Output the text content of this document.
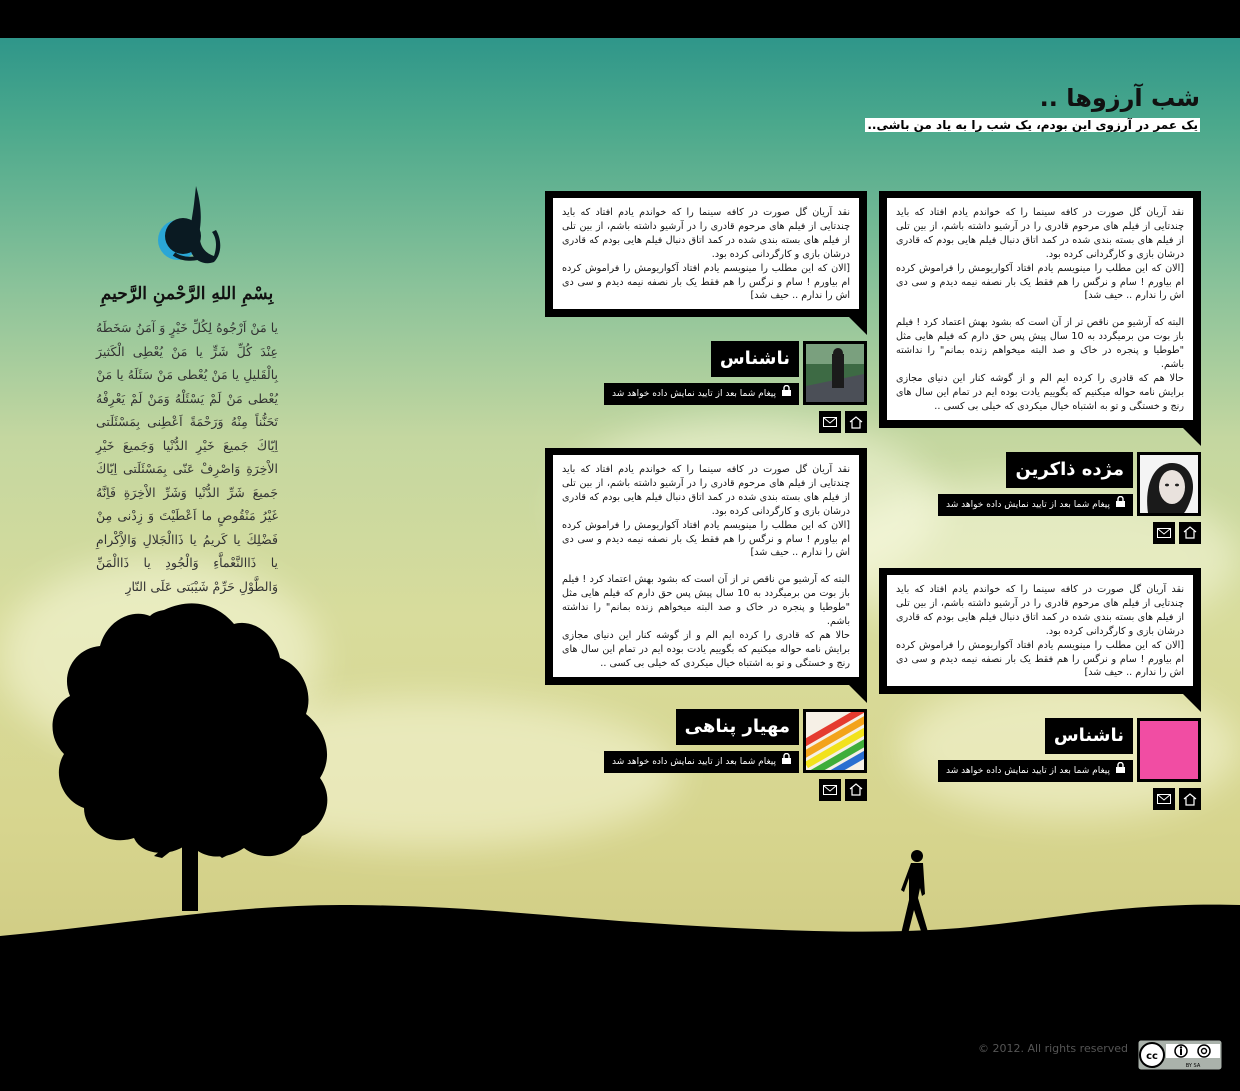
شب آرزوها ..
یک عمر در آرزوی این بودم، یک شب را به یاد من باشی..
بِسْمِ اللهِ الرَّحْمنِ الرَّحیمِ
یا مَنْ اَرْجُوهُ لِكُلِّ خَیْرٍ وَ آمَنُ سَخَطَهُ عِنْدَ كُلِّ شَرٍّ یا مَنْ یُعْطِی الْكَثیرَ بِالْقَلیلِ یا مَنْ یُعْطی مَنْ سَئَلَهُ یا مَنْ یُعْطی مَنْ لَمْ یَسْئَلْهُ وَمَنْ لَمْ یَعْرِفْهُ تَحَنُّناً مِنْهُ وَرَحْمَةً اَعْطِنی بِمَسْئَلَتی اِیّاكَ جَمیعَ خَیْرِ الدُّنْیا وَجَمیعَ خَیْرِ الاْخِرَةِ وَاصْرِفْ عَنّی بِمَسْئَلَتی اِیّاكَ جَمیعَ شَرِّ الدُّنْیا وَشَرِّ الاْخِرَةِ فَاِنَّهُ غَیْرُ مَنْقُوصٍ ما اَعْطَیْتَ وَ زِدْنی مِنْ فَضْلِكَ یا كَریمُ یا ذَاالْجَلالِ وَالاِْكْرامِ یا ذَاالنَّعْماَّءِ وَالْجُودِ یا ذَاالْمَنِّ وَالطَّوْلِ حَرِّمْ شَیْبَتی عَلَی النّارِ

نقد آریان گل صورت در کافه سینما را که خواندم یادم افتاد که باید چندتایی از فیلم های مرحوم قادری را در آرشیو داشته باشم، از بین تلی از فیلم های بسته بندی شده در کمد اتاق دنبال فیلم هایی بودم که قادری درشان بازی و کارگردانی کرده بود.

[الان که این مطلب را مینویسم یادم افتاد آکواریومش را فراموش کرده ام بیاورم ! سام و نرگس را هم فقط یک بار نصفه نیمه دیدم و سی دی اش را ندارم .. حیف شد]

ناشناس
پیغام شما بعد از تایید نمایش داده خواهد شد

نقد آریان گل صورت در کافه سینما را که خواندم یادم افتاد که باید چندتایی از فیلم های مرحوم قادری را در آرشیو داشته باشم، از بین تلی از فیلم های بسته بندی شده در کمد اتاق دنبال فیلم هایی بودم که قادری درشان بازی و کارگردانی کرده بود.

[الان که این مطلب را مینویسم یادم افتاد آکواریومش را فراموش کرده ام بیاورم ! سام و نرگس را هم فقط یک بار نصفه نیمه دیدم و سی دی اش را ندارم .. حیف شد]

البته که آرشیو من ناقص تر از آن است که بشود بهش اعتماد کرد ! فیلم باز بوت من برمیگردد به 10 سال پیش پس حق دارم که فیلم هایی مثل "طوطیا و پنجره در خاک و صد البته میخواهم زنده بمانم" را نداشته باشم.

حالا هم که قادری را کرده ایم الم و از گوشه کنار این دنیای مجازی برایش نامه حواله میکنیم که بگوییم یادت بوده ایم در تمام این سال های رنج و خستگی و تو به اشتباه خیال میکردی که خیلی بی کسی ..

مژده ذاکرین
پیغام شما بعد از تایید نمایش داده خواهد شد

نقد آریان گل صورت در کافه سینما را که خواندم یادم افتاد که باید چندتایی از فیلم های مرحوم قادری را در آرشیو داشته باشم، از بین تلی از فیلم های بسته بندی شده در کمد اتاق دنبال فیلم هایی بودم که قادری درشان بازی و کارگردانی کرده بود.

[الان که این مطلب را مینویسم یادم افتاد آکواریومش را فراموش کرده ام بیاورم ! سام و نرگس را هم فقط یک بار نصفه نیمه دیدم و سی دی اش را ندارم .. حیف شد]

البته که آرشیو من ناقص تر از آن است که بشود بهش اعتماد کرد ! فیلم باز بوت من برمیگردد به 10 سال پیش پس حق دارم که فیلم هایی مثل "طوطیا و پنجره در خاک و صد البته میخواهم زنده بمانم" را نداشته باشم.

حالا هم که قادری را کرده ایم الم و از گوشه کنار این دنیای مجازی برایش نامه حواله میکنیم که بگوییم یادت بوده ایم در تمام این سال های رنج و خستگی و تو به اشتباه خیال میکردی که خیلی بی کسی ..

مهیار پناهی
پیغام شما بعد از تایید نمایش داده خواهد شد

نقد آریان گل صورت در کافه سینما را که خواندم یادم افتاد که باید چندتایی از فیلم های مرحوم قادری را در آرشیو داشته باشم، از بین تلی از فیلم های بسته بندی شده در کمد اتاق دنبال فیلم هایی بودم که قادری درشان بازی و کارگردانی کرده بود.

[الان که این مطلب را مینویسم یادم افتاد آکواریومش را فراموش کرده ام بیاورم ! سام و نرگس را هم فقط یک بار نصفه نیمه دیدم و سی دی اش را ندارم .. حیف شد]

ناشناس
پیغام شما بعد از تایید نمایش داده خواهد شد
© 2012. All rights reserved
cc
BY SA
